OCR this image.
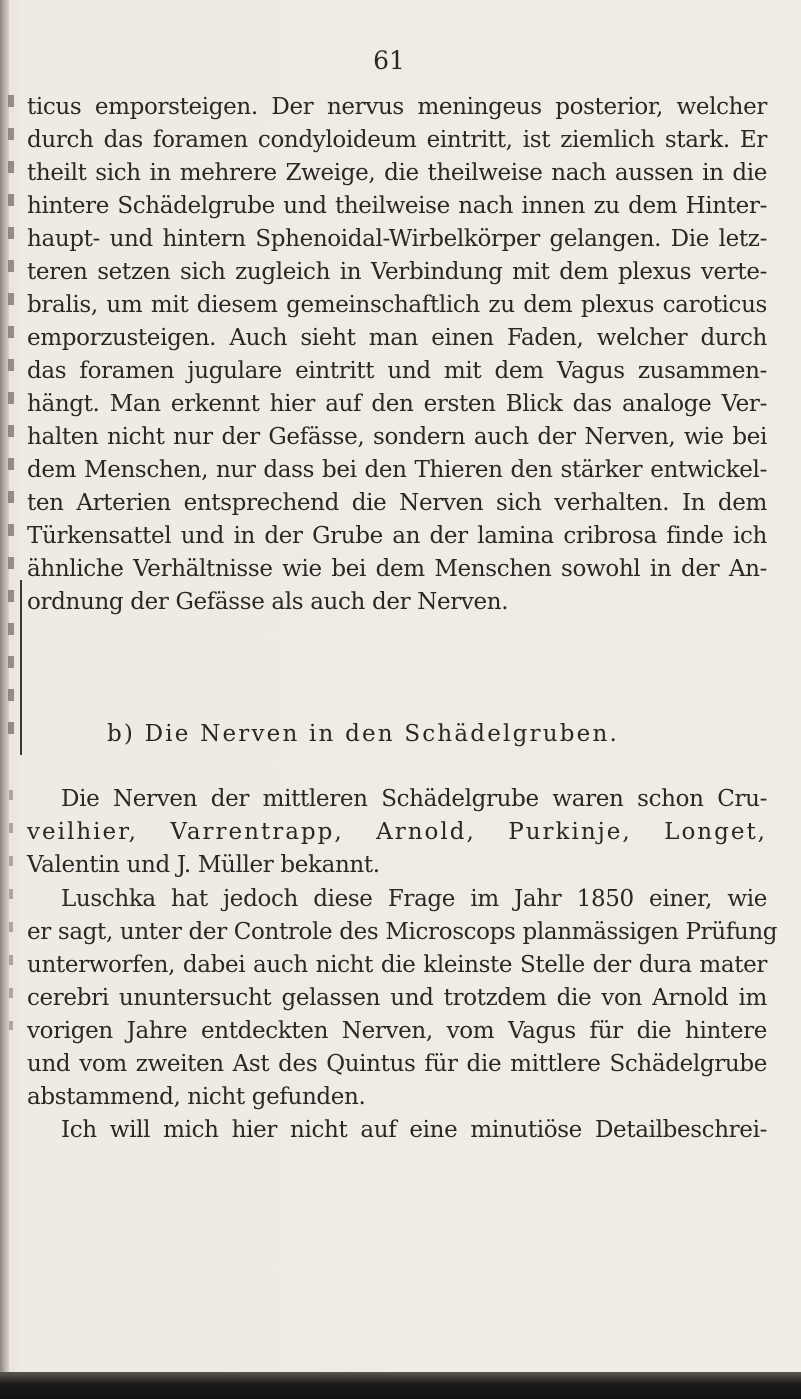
61
ticus emporsteigen. Der nervus meningeus posterior, welcher
durch das foramen condyloideum eintritt, ist ziemlich stark. Er
theilt sich in mehrere Zweige, die theilweise nach aussen in die
hintere Schädelgrube und theilweise nach innen zu dem Hinter-
haupt- und hintern Sphenoidal-Wirbelkörper gelangen. Die letz-
teren setzen sich zugleich in Verbindung mit dem plexus verte-
bralis, um mit diesem gemeinschaftlich zu dem plexus caroticus
emporzusteigen. Auch sieht man einen Faden, welcher durch
das foramen jugulare eintritt und mit dem Vagus zusammen-
hängt. Man erkennt hier auf den ersten Blick das analoge Ver-
halten nicht nur der Gefässe, sondern auch der Nerven, wie bei
dem Menschen, nur dass bei den Thieren den stärker entwickel-
ten Arterien entsprechend die Nerven sich verhalten. In dem
Türkensattel und in der Grube an der lamina cribrosa finde ich
ähnliche Verhältnisse wie bei dem Menschen sowohl in der An-
ordnung der Gefässe als auch der Nerven.
b) Die Nerven in den Schädelgruben.
Die Nerven der mittleren Schädelgrube waren schon Cru-
veilhier, Varrentrapp, Arnold, Purkinje, Longet,
Valentin und J. Müller bekannt.
Luschka hat jedoch diese Frage im Jahr 1850 einer, wie
er sagt, unter der Controle des Microscops planmässigen Prüfung
unterworfen, dabei auch nicht die kleinste Stelle der dura mater
cerebri ununtersucht gelassen und trotzdem die von Arnold im
vorigen Jahre entdeckten Nerven, vom Vagus für die hintere
und vom zweiten Ast des Quintus für die mittlere Schädelgrube
abstammend, nicht gefunden.
Ich will mich hier nicht auf eine minutiöse Detailbeschrei-
